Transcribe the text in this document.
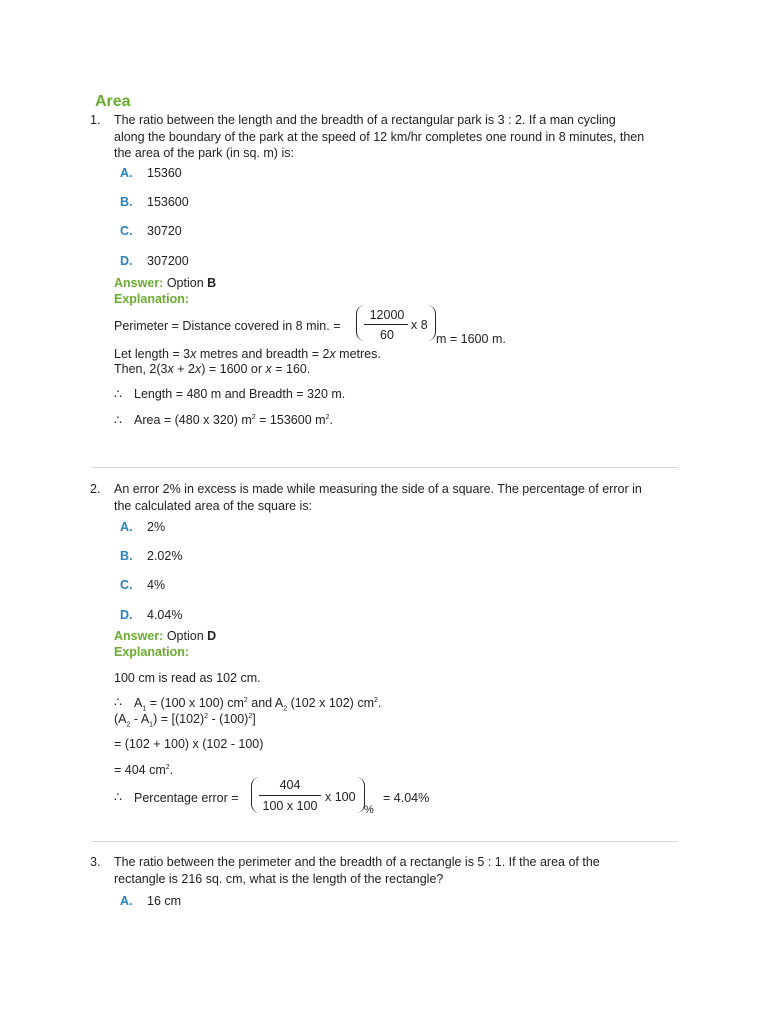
Area
1. The ratio between the length and the breadth of a rectangular park is 3 : 2. If a man cycling
along the boundary of the park at the speed of 12 km/hr completes one round in 8 minutes, then
the area of the park (in sq. m) is:
A. 15360
B. 153600
C. 30720
D. 307200
Answer: Option B
Explanation:
Perimeter = Distance covered in 8 min. =
12000
60
x 8
m = 1600 m.
Let length = 3x metres and breadth = 2x metres.
Then, 2(3x + 2x) = 1600 or x = 160.
∴ Length = 480 m and Breadth = 320 m.
∴ Area = (480 x 320) $m^2 = 153600$ $m^2$.
2. An error 2% in excess is made while measuring the side of a square. The percentage of error in
the calculated area of the square is:
A. 2%
B. 2.02%
C. 4%
D. 4.04%
Answer: Option D
Explanation:
100 cm is read as 102 cm.
∴ $A_1 = (100$ x 100) $cm^2$ and $A_2$ (102 x 102) $cm^2$.
$(A_2 - A_1) = [(102)^2 - (100)^2]$
= (102 + 100) x (102 - 100)
= 404 $cm^2$.
∴ Percentage error =
404
100 x 100
x 100
%
= 4.04%
3. The ratio between the perimeter and the breadth of a rectangle is 5 : 1. If the area of the
rectangle is 216 sq. cm, what is the length of the rectangle?
A. 16 cm
